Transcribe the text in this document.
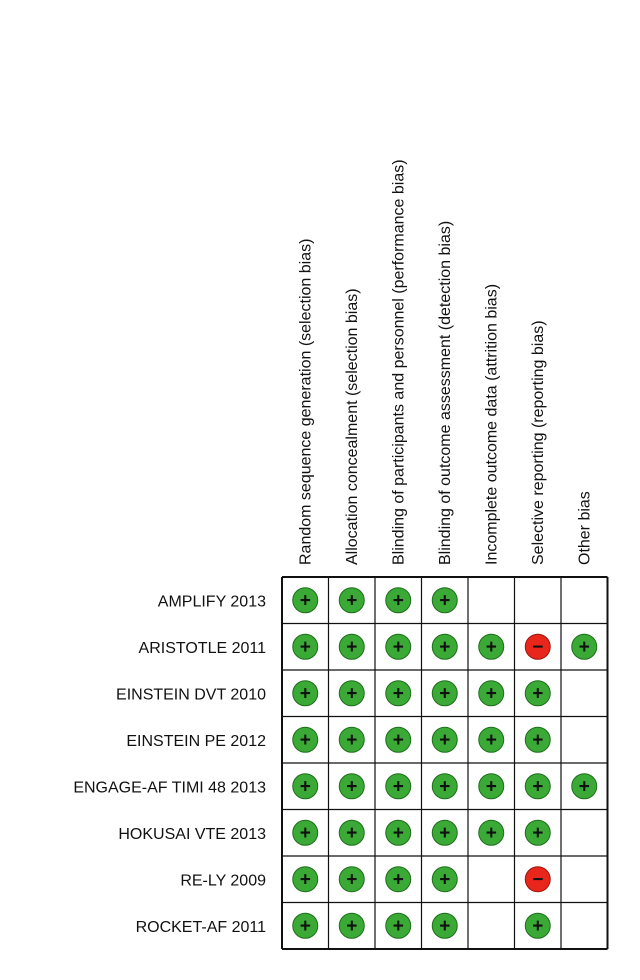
Random sequence generation (selection bias) Allocation concealment (selection bias) Blinding of participants and personnel (performance bias) Blinding of outcome assessment (detection bias) Incomplete outcome data (attrition bias) Selective reporting (reporting bias) Other bias
AMPLIFY 2013
ARISTOTLE 2011
EINSTEIN DVT 2010
EINSTEIN PE 2012
ENGAGE-AF TIMI 48 2013
HOKUSAI VTE 2013
RE-LY 2009
ROCKET-AF 2011
+ + + +
+ + + + + − +
+ + + + + +
+ + + + + +
+ + + + + + +
+ + + + + +
+ + + +	−
+ + + +	+
